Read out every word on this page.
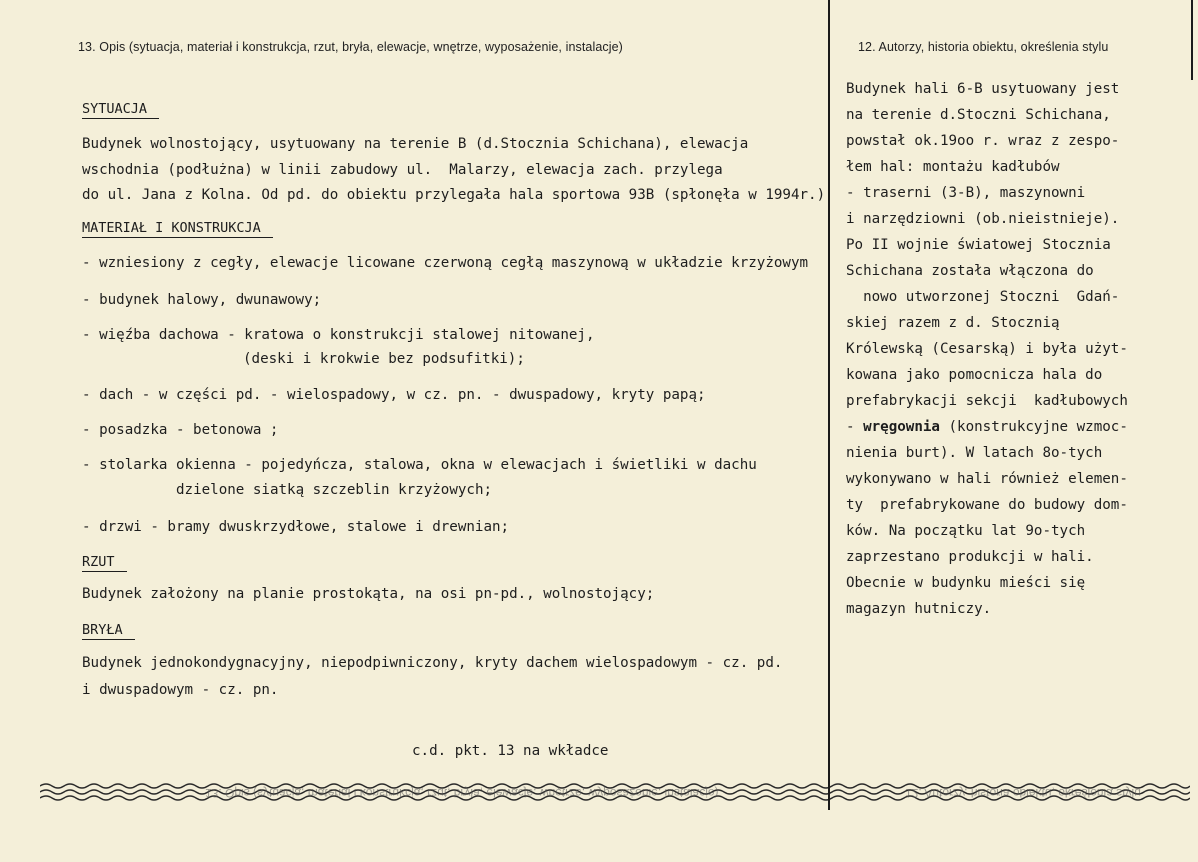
13. Opis (sytuacja, materiał i konstrukcja, rzut, bryła, elewacje, wnętrze, wyposażenie, instalacje)	12. Autorzy, historia obiektu, określenia stylu
SYTUACJA
Budynek wolnostojący, usytuowany na terenie B (d.Stocznia Schichana), elewacja
wschodnia (podłużna) w linii zabudowy ul.  Malarzy, elewacja zach. przylega
do ul. Jana z Kolna. Od pd. do obiektu przylegała hala sportowa 93B (spłonęła w 1994r.)
MATERIAŁ I KONSTRUKCJA
- wzniesiony z cegły, elewacje licowane czerwoną cegłą maszynową w układzie krzyżowym
- budynek halowy, dwunawowy;
- więźba dachowa - kratowa o konstrukcji stalowej nitowanej,
(deski i krokwie bez podsufitki);
- dach - w części pd. - wielospadowy, w cz. pn. - dwuspadowy, kryty papą;
- posadzka - betonowa ;
- stolarka okienna - pojedyńcza, stalowa, okna w elewacjach i świetliki w dachu
dzielone siatką szczeblin krzyżowych;
- drzwi - bramy dwuskrzydłowe, stalowe i drewnian;
RZUT
Budynek założony na planie prostokąta, na osi pn-pd., wolnostojący;
BRYŁA
Budynek jednokondygnacyjny, niepodpiwniczony, kryty dachem wielospadowym - cz. pd.
i dwuspadowym - cz. pn.
c.d. pkt. 13 na wkładce
Budynek hali 6-B usytuowany jest
na terenie d.Stoczni Schichana,
powstał ok.19oo r. wraz z zespo-
łem hal: montażu kadłubów
- traserni (3-B), maszynowni
i narzędziowni (ob.nieistnieje).
Po II wojnie światowej Stocznia
Schichana została włączona do
nowo utworzonej Stoczni  Gdań-
skiej razem z d. Stocznią
Królewską (Cesarską) i była użyt-
kowana jako pomocnicza hala do
prefabrykacji sekcji  kadłubowych
- wręgownia (konstrukcyjne wzmoc-
nienia burt). W latach 8o-tych
wykonywano w hali również elemen-
ty  prefabrykowane do budowy dom-
ków. Na początku lat 9o-tych
zaprzestano produkcji w hali.
Obecnie w budynku mieści się
magazyn hutniczy.
13. Opis (sytuacja, materiał i konstrukcja, rzut, bryła, elewacje, wnętrze, wyposażenie, instalacje)	12. Autorzy, historia obiektu, określenia stylu
